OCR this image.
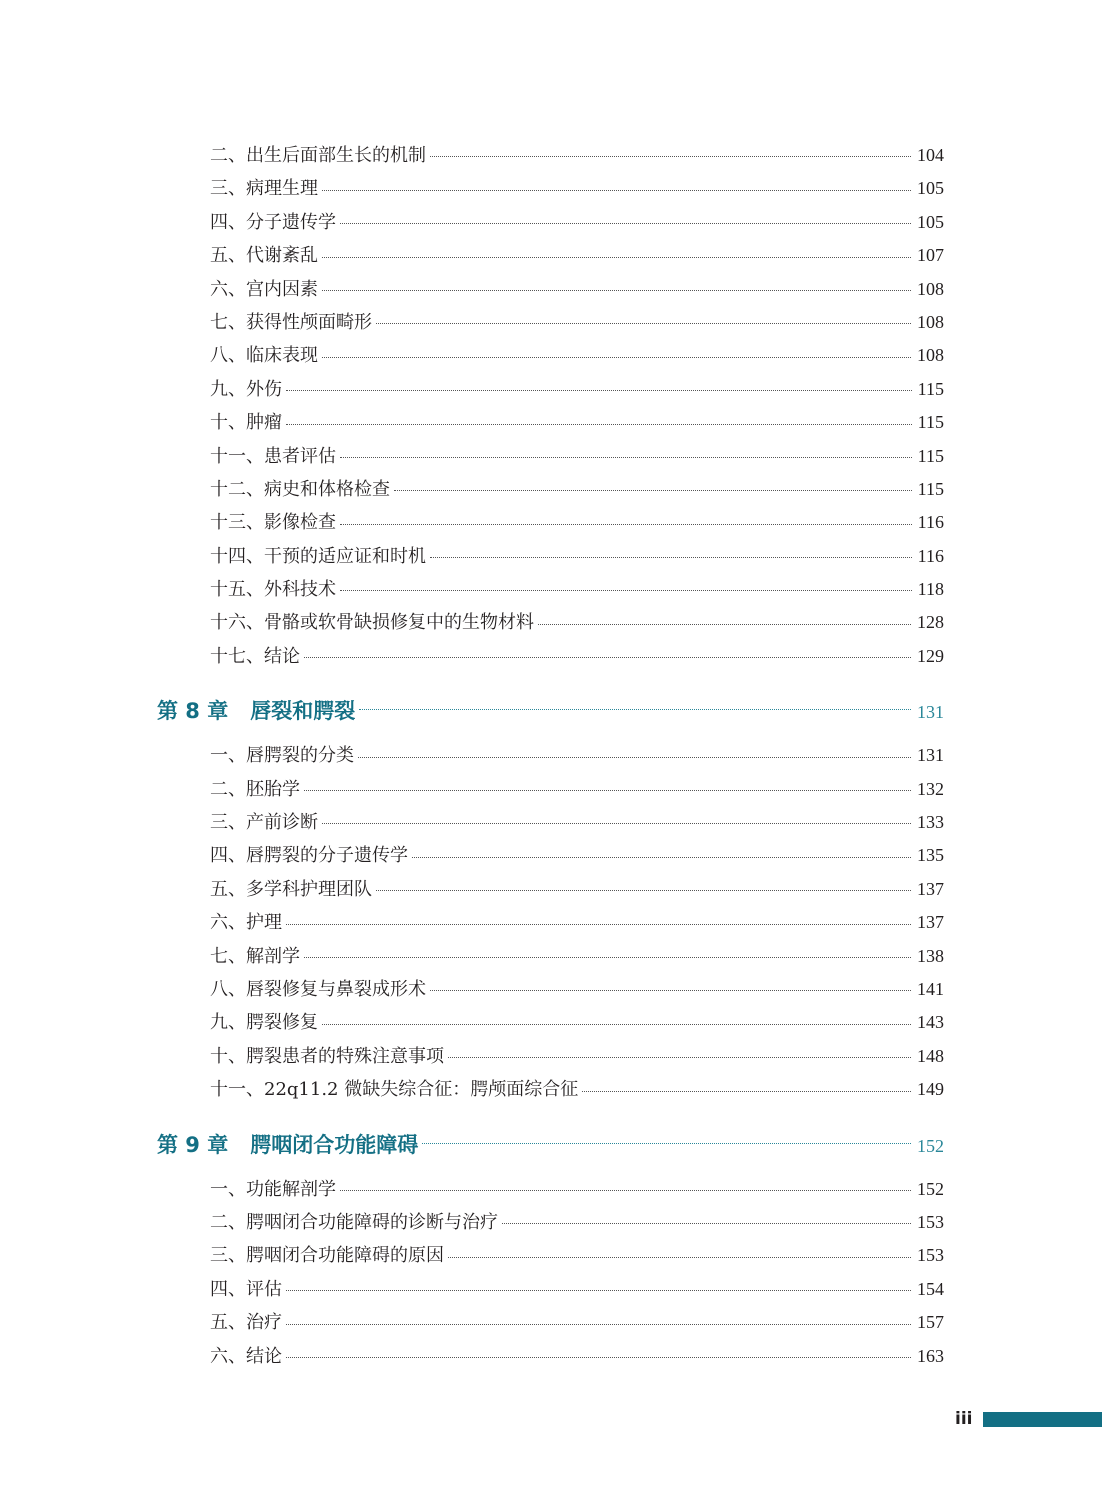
二、出生后面部生长的机制	104
三、病理生理	105
四、分子遗传学	105
五、代谢紊乱	107
六、宫内因素	108
七、获得性颅面畸形	108
八、临床表现	108
九、外伤	115
十、肿瘤	115
十一、患者评估	115
十二、病史和体格检查	115
十三、影像检查	116
十四、干预的适应证和时机	116
十五、外科技术	118
十六、骨骼或软骨缺损修复中的生物材料	128
十七、结论	129
第 8 章	唇裂和腭裂	131
一、唇腭裂的分类	131
二、胚胎学	132
三、产前诊断	133
四、唇腭裂的分子遗传学	135
五、多学科护理团队	137
六、护理	137
七、解剖学	138
八、唇裂修复与鼻裂成形术	141
九、腭裂修复	143
十、腭裂患者的特殊注意事项	148
十一、22q11.2 微缺失综合征：腭颅面综合征	149
第 9 章	腭咽闭合功能障碍	152
一、功能解剖学	152
二、腭咽闭合功能障碍的诊断与治疗	153
三、腭咽闭合功能障碍的原因	153
四、评估	154
五、治疗	157
六、结论	163
iii
